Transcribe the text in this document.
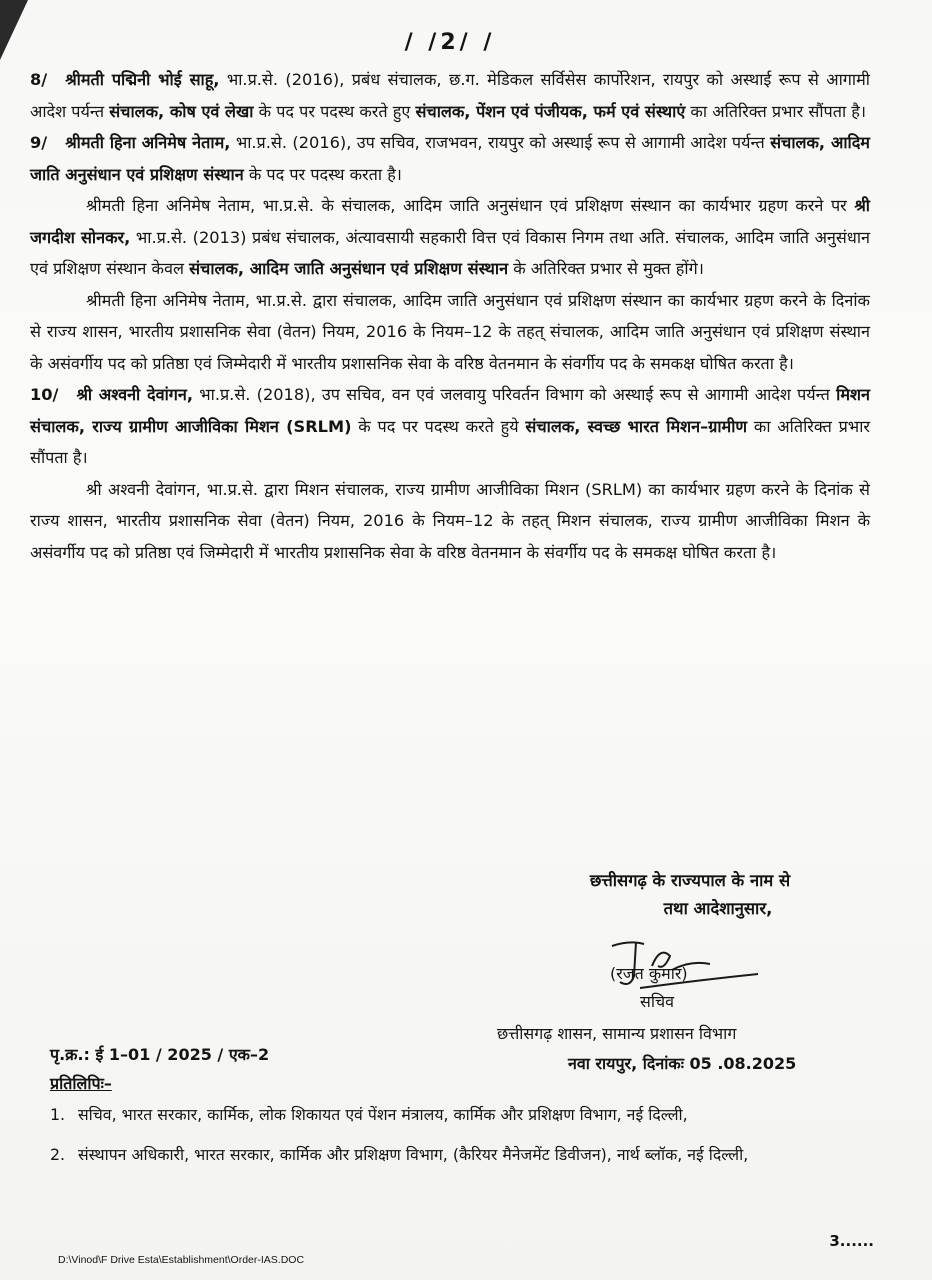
/ /2/ /

8/ श्रीमती पद्मिनी भोई साहू, भा.प्र.से. (2016), प्रबंध संचालक, छ.ग. मेडिकल सर्विसेस कार्पोरेशन, रायपुर को अस्थाई रूप से आगामी आदेश पर्यन्त संचालक, कोष एवं लेखा के पद पर पदस्थ करते हुए संचालक, पेंशन एवं पंजीयक, फर्म एवं संस्थाएं का अतिरिक्त प्रभार सौंपता है।

9/ श्रीमती हिना अनिमेष नेताम, भा.प्र.से. (2016), उप सचिव, राजभवन, रायपुर को अस्थाई रूप से आगामी आदेश पर्यन्त संचालक, आदिम जाति अनुसंधान एवं प्रशिक्षण संस्थान के पद पर पदस्थ करता है।

श्रीमती हिना अनिमेष नेताम, भा.प्र.से. के संचालक, आदिम जाति अनुसंधान एवं प्रशिक्षण संस्थान का कार्यभार ग्रहण करने पर श्री जगदीश सोनकर, भा.प्र.से. (2013) प्रबंध संचालक, अंत्यावसायी सहकारी वित्त एवं विकास निगम तथा अति. संचालक, आदिम जाति अनुसंधान एवं प्रशिक्षण संस्थान केवल संचालक, आदिम जाति अनुसंधान एवं प्रशिक्षण संस्थान के अतिरिक्त प्रभार से मुक्त होंगे।

श्रीमती हिना अनिमेष नेताम, भा.प्र.से. द्वारा संचालक, आदिम जाति अनुसंधान एवं प्रशिक्षण संस्थान का कार्यभार ग्रहण करने के दिनांक से राज्य शासन, भारतीय प्रशासनिक सेवा (वेतन) नियम, 2016 के नियम–12 के तहत् संचालक, आदिम जाति अनुसंधान एवं प्रशिक्षण संस्थान के असंवर्गीय पद को प्रतिष्ठा एवं जिम्मेदारी में भारतीय प्रशासनिक सेवा के वरिष्ठ वेतनमान के संवर्गीय पद के समकक्ष घोषित करता है।

10/ श्री अश्वनी देवांगन, भा.प्र.से. (2018), उप सचिव, वन एवं जलवायु परिवर्तन विभाग को अस्थाई रूप से आगामी आदेश पर्यन्त मिशन संचालक, राज्य ग्रामीण आजीविका मिशन (SRLM) के पद पर पदस्थ करते हुये संचालक, स्वच्छ भारत मिशन–ग्रामीण का अतिरिक्त प्रभार सौंपता है।

श्री अश्वनी देवांगन, भा.प्र.से. द्वारा मिशन संचालक, राज्य ग्रामीण आजीविका मिशन (SRLM) का कार्यभार ग्रहण करने के दिनांक से राज्य शासन, भारतीय प्रशासनिक सेवा (वेतन) नियम, 2016 के नियम–12 के तहत् मिशन संचालक, राज्य ग्रामीण आजीविका मिशन के असंवर्गीय पद को प्रतिष्ठा एवं जिम्मेदारी में भारतीय प्रशासनिक सेवा के वरिष्ठ वेतनमान के संवर्गीय पद के समकक्ष घोषित करता है।

छत्तीसगढ़ के राज्यपाल के नाम से
तथा आदेशानुसार,
(रजत कुमार)
सचिव
छत्तीसगढ़ शासन, सामान्य प्रशासन विभाग
नवा रायपुर, दिनांकः 05 .08.2025
पृ.क्र.: ई 1–01 / 2025 / एक–2
प्रतिलिपिः–
1. सचिव, भारत सरकार, कार्मिक, लोक शिकायत एवं पेंशन मंत्रालय, कार्मिक और प्रशिक्षण विभाग, नई दिल्ली,
2. संस्थापन अधिकारी, भारत सरकार, कार्मिक और प्रशिक्षण विभाग, (कैरियर मैनेजमेंट डिवीजन), नार्थ ब्लॉक, नई दिल्ली,
3......
D:\Vinod\F Drive Esta\Establishment\Order-IAS.DOC
